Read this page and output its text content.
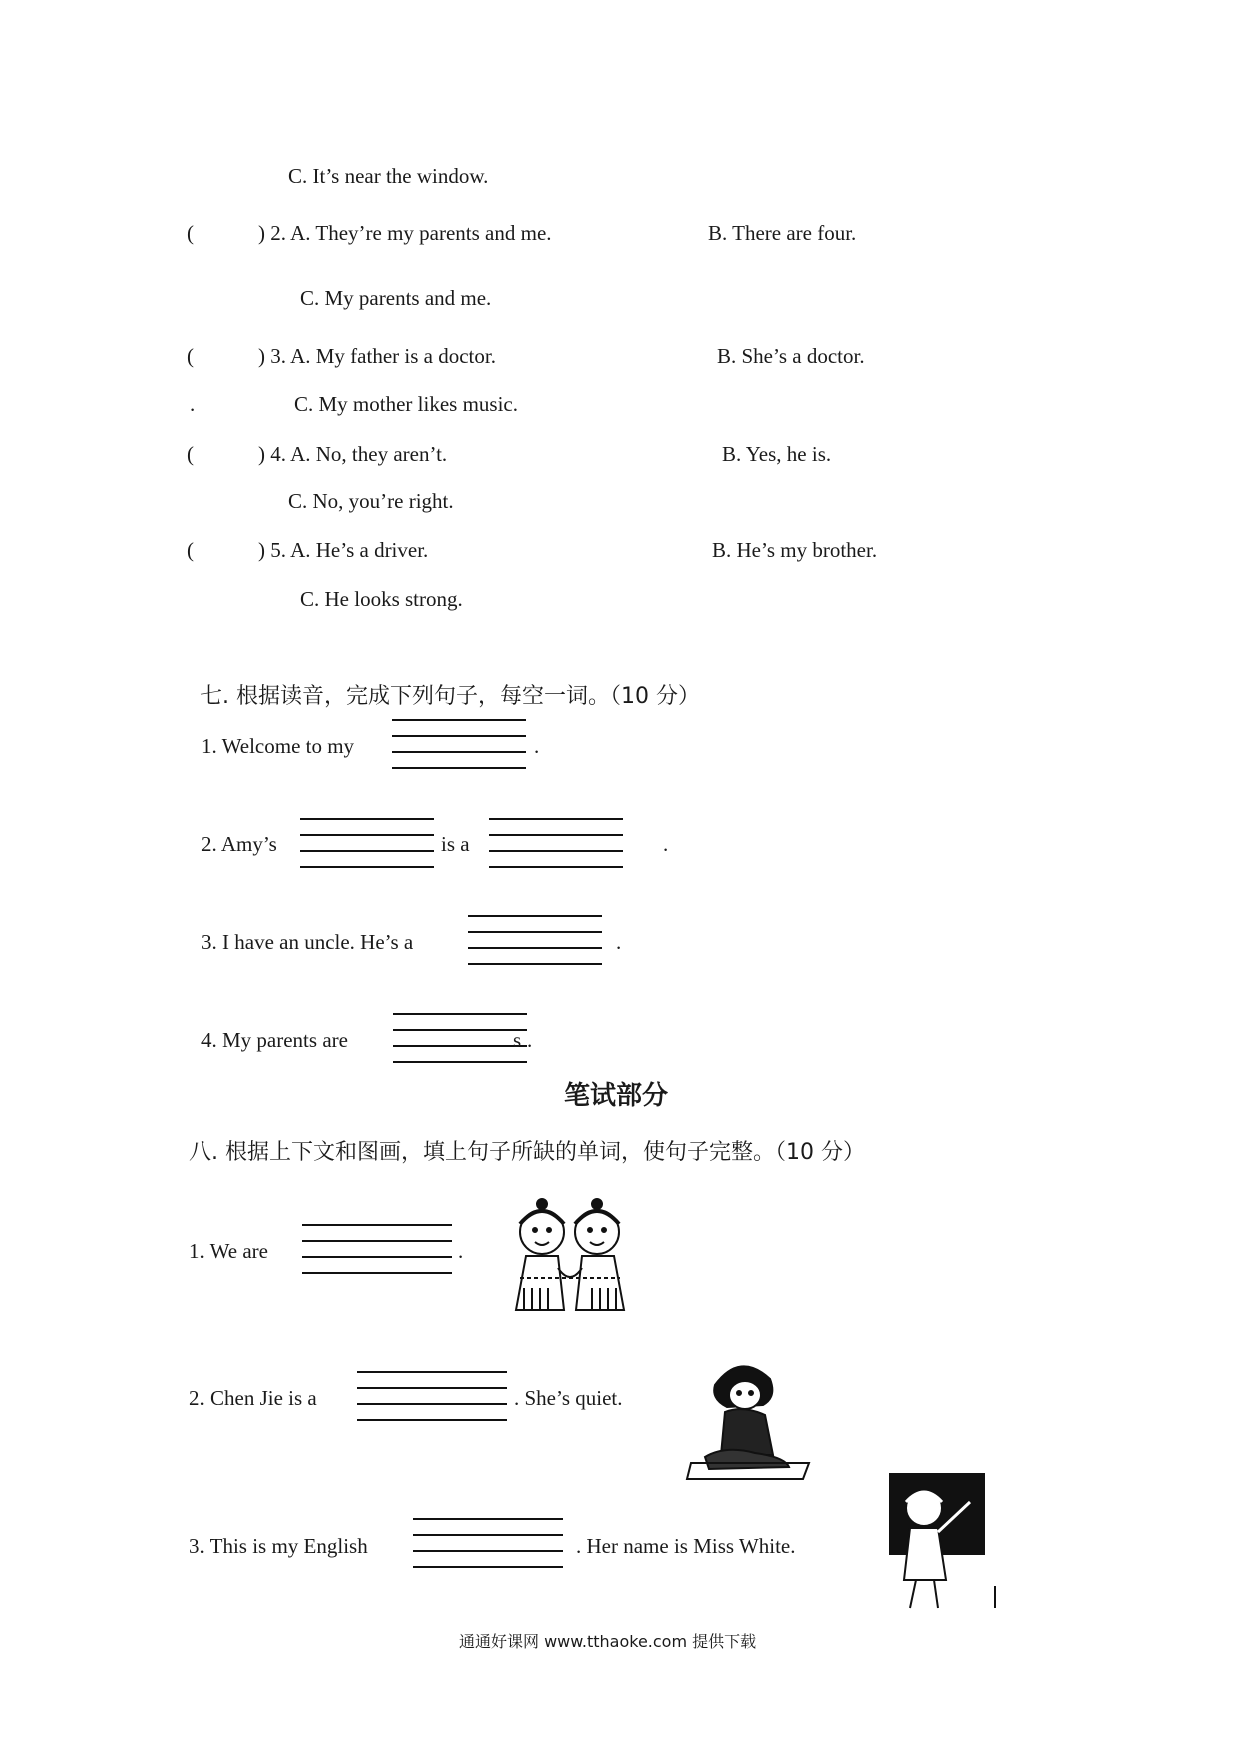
C. It’s near the window.
(	) 2. A. They’re my parents and me.	B. There are four.
C. My parents and me.
(	) 3. A. My father is a doctor.	B. She’s a doctor.
.	C. My mother likes music.
(	) 4. A. No, they aren’t.	B. Yes, he is.
C. No, you’re right.
(	) 5. A. He’s a driver.	B. He’s my brother.
C. He looks strong.
七. 根据读音，完成下列句子，每空一词。（10 分）
1. Welcome to my	.
2. Amy’s	is a	.
3. I have an uncle. He’s a	.
4. My parents are	s .
笔试部分
八. 根据上下文和图画，填上句子所缺的单词，使句子完整。（10 分）
1. We are	.
2. Chen Jie is a	. She’s quiet.
3. This is my English	. Her name is Miss White.
通通好课网 www.tthaoke.com 提供下载
